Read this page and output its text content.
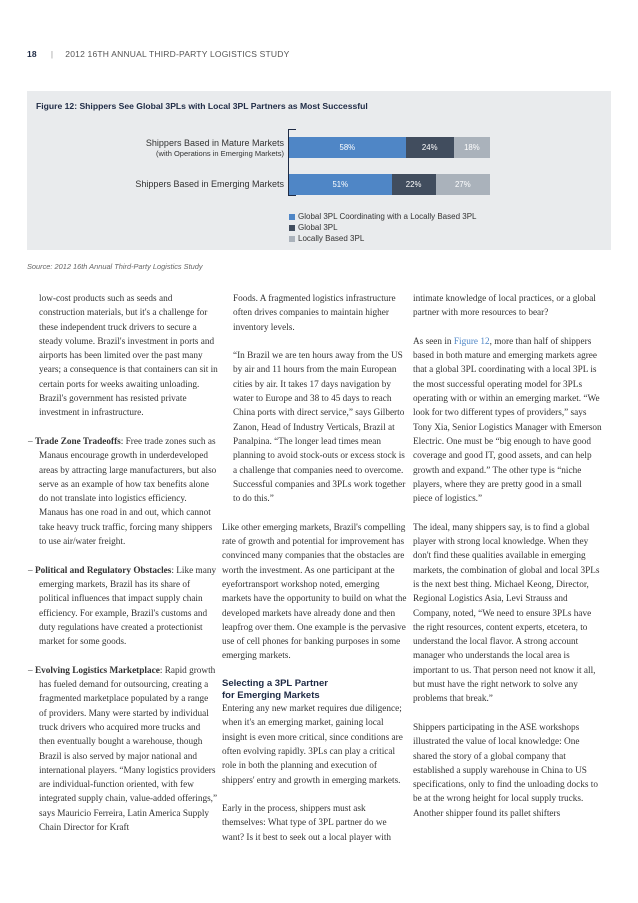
18 | 2012 16TH ANNUAL THIRD-PARTY LOGISTICS STUDY
Figure 12: Shippers See Global 3PLs with Local 3PL Partners as Most Successful
Shippers Based in Mature Markets
(with Operations in Emerging Markets)
Shippers Based in Emerging Markets
58%	24%	18%
51%	22%	27%
Global 3PL Coordinating with a Locally Based 3PL
Global 3PL
Locally Based 3PL
Source: 2012 16th Annual Third-Party Logistics Study

low-cost products such as seeds and construction materials, but it's a challenge for these independent truck drivers to secure a steady volume. Brazil's investment in ports and airports has been limited over the past many years; a consequence is that containers can sit in certain ports for weeks awaiting unloading. Brazil's government has resisted private investment in infrastructure.

– Trade Zone Tradeoffs: Free trade zones such as Manaus encourage growth in underdeveloped areas by attracting large manufacturers, but also serve as an example of how tax benefits alone do not translate into logistics efficiency. Manaus has one road in and out, which cannot take heavy truck traffic, forcing many shippers to use air/water freight.

– Political and Regulatory Obstacles: Like many emerging markets, Brazil has its share of political influences that impact supply chain efficiency. For example, Brazil's customs and duty regulations have created a protectionist market for some goods.

– Evolving Logistics Marketplace: Rapid growth has fueled demand for outsourcing, creating a fragmented marketplace populated by a range of providers. Many were started by individual truck drivers who acquired more trucks and then eventually bought a warehouse, though Brazil is also served by major national and international players. “Many logistics providers are individual-function oriented, with few integrated supply chain, value-added offerings,” says Mauricio Ferreira, Latin America Supply Chain Director for Kraft

Foods. A fragmented logistics infrastructure often drives companies to maintain higher inventory levels.

“In Brazil we are ten hours away from the US by air and 11 hours from the main European cities by air. It takes 17 days navigation by water to Europe and 38 to 45 days to reach China ports with direct service,” says Gilberto Zanon, Head of Industry Verticals, Brazil at Panalpina. “The longer lead times mean planning to avoid stock-outs or excess stock is a challenge that companies need to overcome. Successful companies and 3PLs work together to do this.”

Like other emerging markets, Brazil's compelling rate of growth and potential for improvement has convinced many companies that the obstacles are worth the investment. As one participant at the eyefortransport workshop noted, emerging markets have the opportunity to build on what the developed markets have already done and then leapfrog over them. One example is the pervasive use of cell phones for banking purposes in some emerging markets.

Selecting a 3PL Partner
for Emerging Markets

Entering any new market requires due diligence; when it's an emerging market, gaining local insight is even more critical, since conditions are often evolving rapidly. 3PLs can play a critical role in both the planning and execution of shippers' entry and growth in emerging markets.

Early in the process, shippers must ask themselves: What type of 3PL partner do we want? Is it best to seek out a local player with

intimate knowledge of local practices, or a global partner with more resources to bear?

As seen in Figure 12, more than half of shippers based in both mature and emerging markets agree that a global 3PL coordinating with a local 3PL is the most successful operating model for 3PLs operating with or within an emerging market. “We look for two different types of providers,” says Tony Xia, Senior Logistics Manager with Emerson Electric. One must be “big enough to have good coverage and good IT, good assets, and can help growth and expand.” The other type is “niche players, where they are pretty good in a small piece of logistics.”

The ideal, many shippers say, is to find a global player with strong local knowledge. When they don't find these qualities available in emerging markets, the combination of global and local 3PLs is the next best thing. Michael Keong, Director, Regional Logistics Asia, Levi Strauss and Company, noted, “We need to ensure 3PLs have the right resources, content experts, etcetera, to understand the local flavor. A strong account manager who understands the local area is important to us. That person need not know it all, but must have the right network to solve any problems that break.”

Shippers participating in the ASE workshops illustrated the value of local knowledge: One shared the story of a global company that established a supply warehouse in China to US specifications, only to find the unloading docks to be at the wrong height for local supply trucks. Another shipper found its pallet shifters
